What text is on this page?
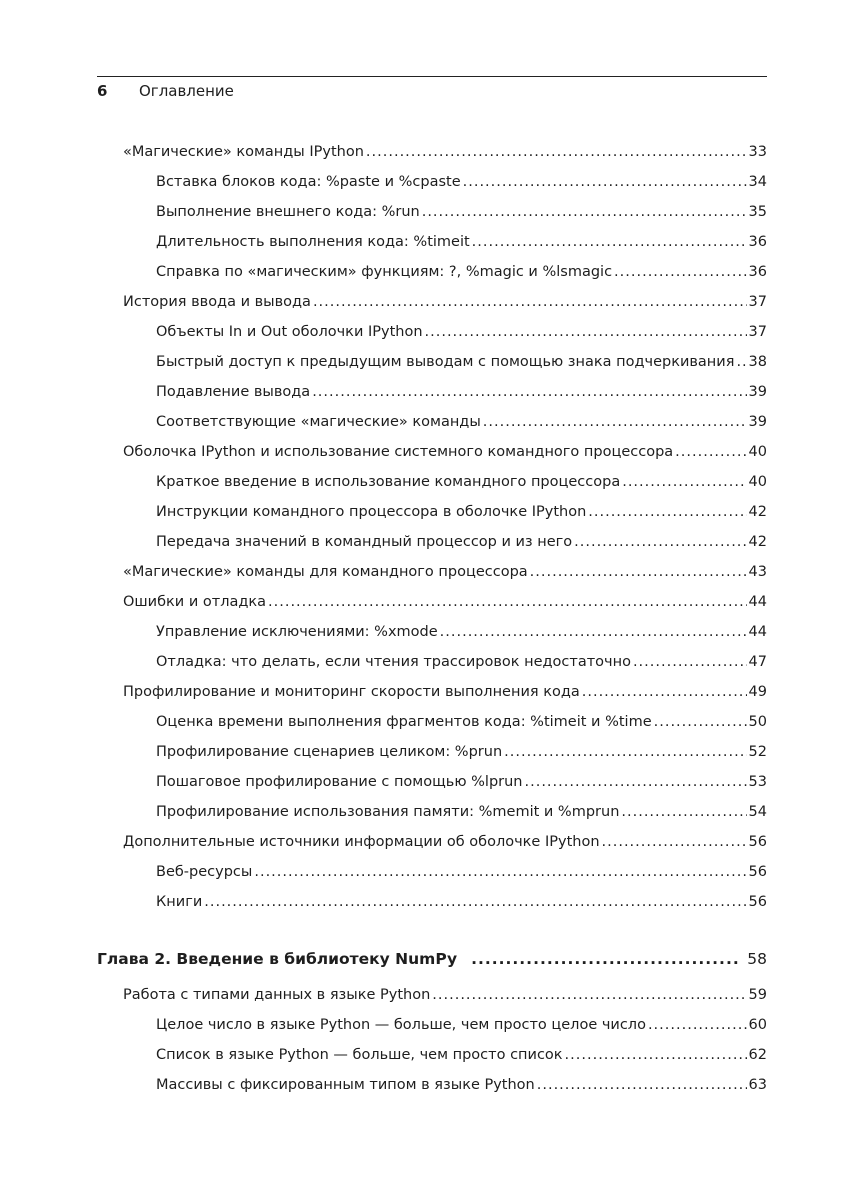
6	Оглавление
«Магические» команды IPython .....	33
Вставка блоков кода: %paste и %cpaste .....	34
Выполнение внешнего кода: %run .....	35
Длительность выполнения кода: %timeit .....	36
Справка по «магическим» функциям: ?, %magic и %lsmagic .....	36
История ввода и вывода .....	37
Объекты In и Out оболочки IPython .....	37
Быстрый доступ к предыдущим выводам с помощью знака подчеркивания ..... 38
Подавление вывода .....	39
Соответствующие «магические» команды .....	39
Оболочка IPython и использование системного командного процессора .....	40
Краткое введение в использование командного процессора .....	40
Инструкции командного процессора в оболочке IPython .....	42
Передача значений в командный процессор и из него .....	42
«Магические» команды для командного процессора .....	43
Ошибки и отладка .....	44
Управление исключениями: %xmode .....	44
Отладка: что делать, если чтения трассировок недостаточно .....	47
Профилирование и мониторинг скорости выполнения кода .....	49
Оценка времени выполнения фрагментов кода: %timeit и %time .....	50
Профилирование сценариев целиком: %prun .....	52
Пошаговое профилирование с помощью %lprun .....	53
Профилирование использования памяти: %memit и %mprun .....	54
Дополнительные источники информации об оболочке IPython .....	56
Веб-ресурсы .....	56
Книги .....	56
Глава 2. Введение в библиотеку NumPy .....	58
Работа с типами данных в языке Python .....	59
Целое число в языке Python — больше, чем просто целое число .....	60
Список в языке Python — больше, чем просто список .....	62
Массивы с фиксированным типом в языке Python .....	63
